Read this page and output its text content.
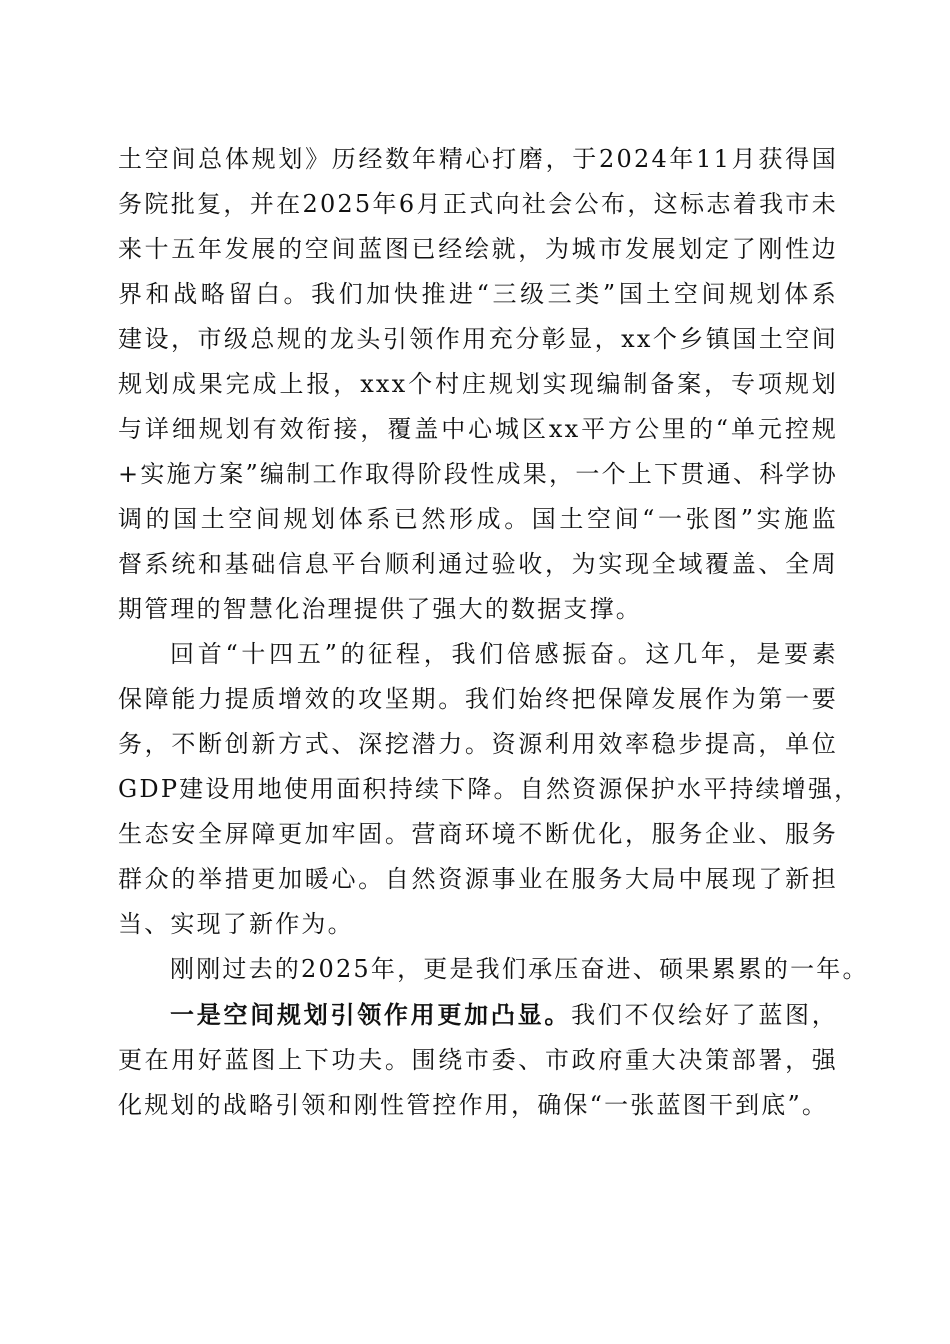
土空间总体规划》历经数年精心打磨，于2024年11月获得国
务院批复，并在2025年6月正式向社会公布，这标志着我市未
来十五年发展的空间蓝图已经绘就，为城市发展划定了刚性边
界和战略留白。我们加快推进“三级三类”国土空间规划体系
建设，市级总规的龙头引领作用充分彰显，xx个乡镇国土空间
规划成果完成上报，xxx个村庄规划实现编制备案，专项规划
与详细规划有效衔接，覆盖中心城区xx平方公里的“单元控规
+实施方案”编制工作取得阶段性成果，一个上下贯通、科学协
调的国土空间规划体系已然形成。国土空间“一张图”实施监
督系统和基础信息平台顺利通过验收，为实现全域覆盖、全周
期管理的智慧化治理提供了强大的数据支撑。
回首“十四五”的征程，我们倍感振奋。这几年，是要素
保障能力提质增效的攻坚期。我们始终把保障发展作为第一要
务，不断创新方式、深挖潜力。资源利用效率稳步提高，单位
GDP建设用地使用面积持续下降。自然资源保护水平持续增强，
生态安全屏障更加牢固。营商环境不断优化，服务企业、服务
群众的举措更加暖心。自然资源事业在服务大局中展现了新担
当、实现了新作为。
刚刚过去的2025年，更是我们承压奋进、硕果累累的一年。
一是空间规划引领作用更加凸显。我们不仅绘好了蓝图，
更在用好蓝图上下功夫。围绕市委、市政府重大决策部署，强
化规划的战略引领和刚性管控作用，确保“一张蓝图干到底”。
